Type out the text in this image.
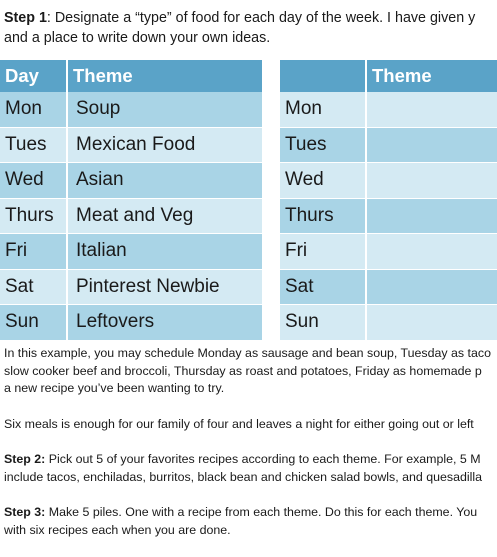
Step 1: Designate a “type” of food for each day of the week. I have given y
and a place to write down your own ideas.
Day	Theme
Mon	Soup
Tues	Mexican Food
Wed	Asian
Thurs	Meat and Veg
Fri	Italian
Sat	Pinterest Newbie
Sun	Leftovers
	Theme
Mon	
Tues	
Wed	
Thurs	
Fri	
Sat	
Sun	

In this example, you may schedule Monday as sausage and bean soup, Tuesday as taco
slow cooker beef and broccoli, Thursday as roast and potatoes, Friday as homemade p
a new recipe you’ve been wanting to try.

Six meals is enough for our family of four and leaves a night for either going out or left

Step 2: Pick out 5 of your favorites recipes according to each theme. For example, 5 M
include tacos, enchiladas, burritos, black bean and chicken salad bowls, and quesadilla

Step 3: Make 5 piles. One with a recipe from each theme. Do this for each theme. You
with six recipes each when you are done.
